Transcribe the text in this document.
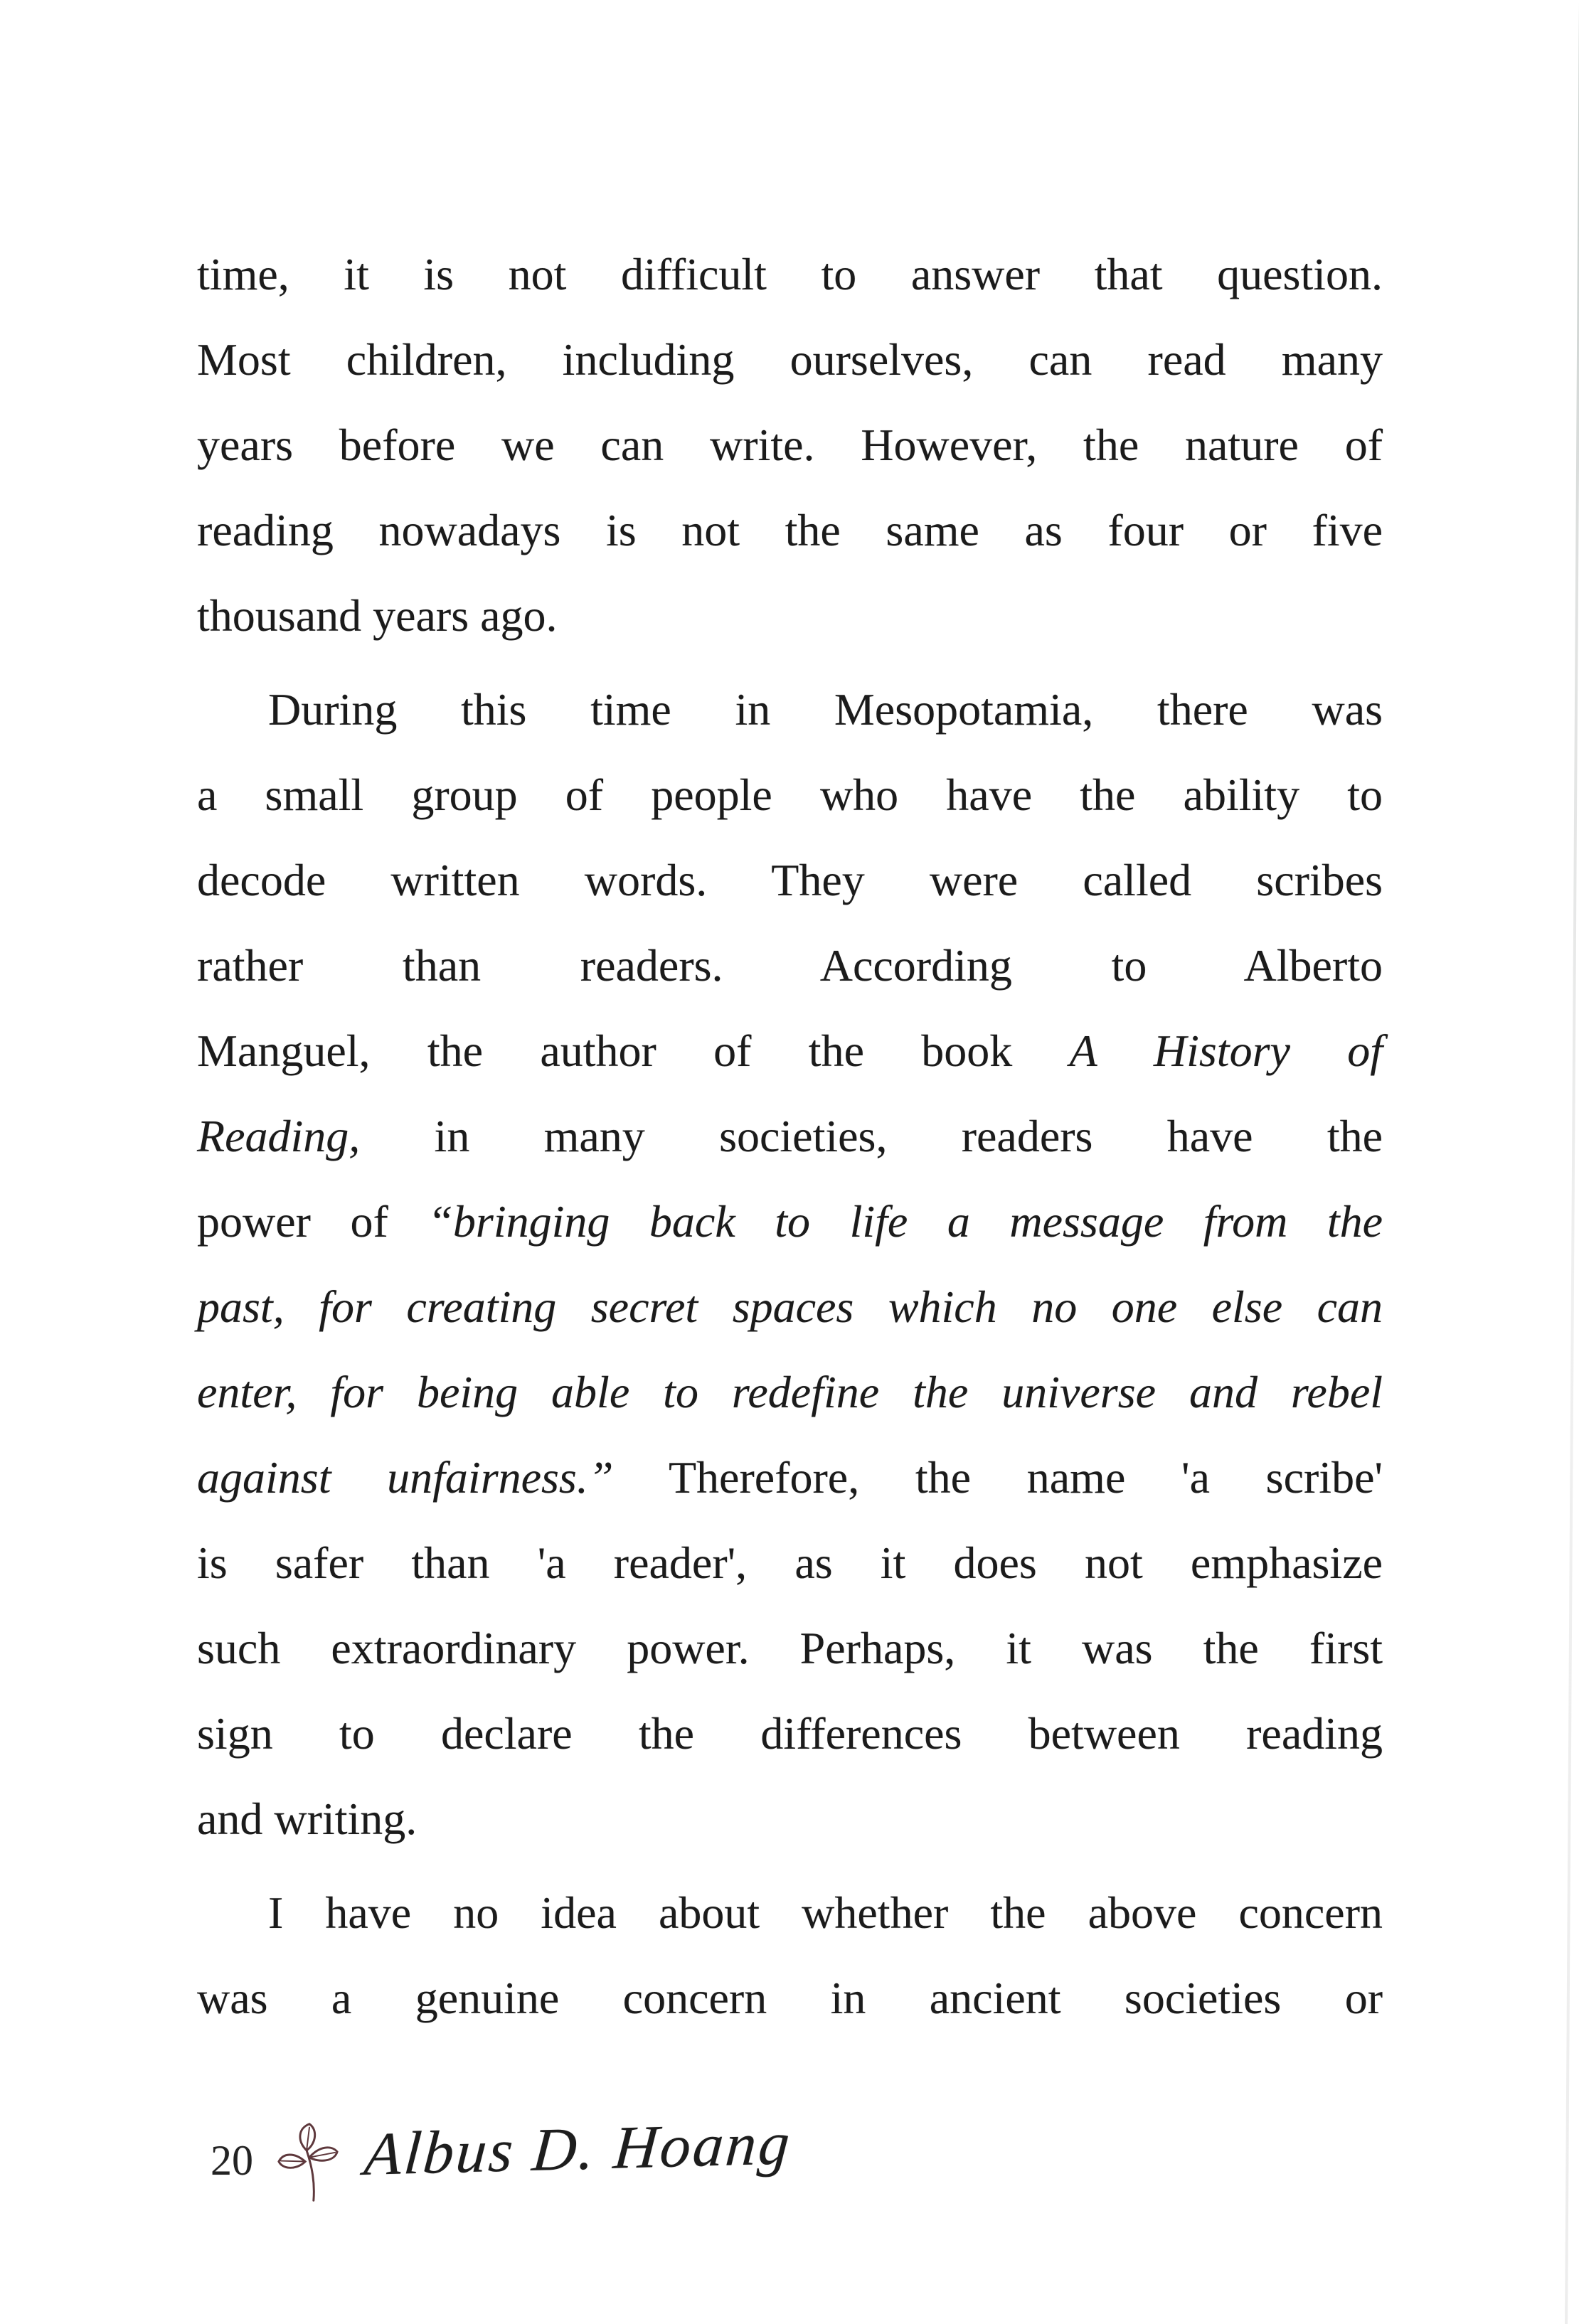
time, it is not difficult to answer that question.
Most children, including ourselves, can read many
years before we can write. However, the nature of
reading nowadays is not the same as four or five
thousand years ago.
During this time in Mesopotamia, there was
a small group of people who have the ability to
decode written words. They were called scribes
rather than readers. According to Alberto
Manguel, the author of the book A History of
Reading, in many societies, readers have the
power of “bringing back to life a message from the
past, for creating secret spaces which no one else can
enter, for being able to redefine the universe and rebel
against unfairness.” Therefore, the name 'a scribe'
is safer than 'a reader', as it does not emphasize
such extraordinary power. Perhaps, it was the first
sign to declare the differences between reading
and writing.
I have no idea about whether the above concern
was a genuine concern in ancient societies or
20 Albus D. Hoang
